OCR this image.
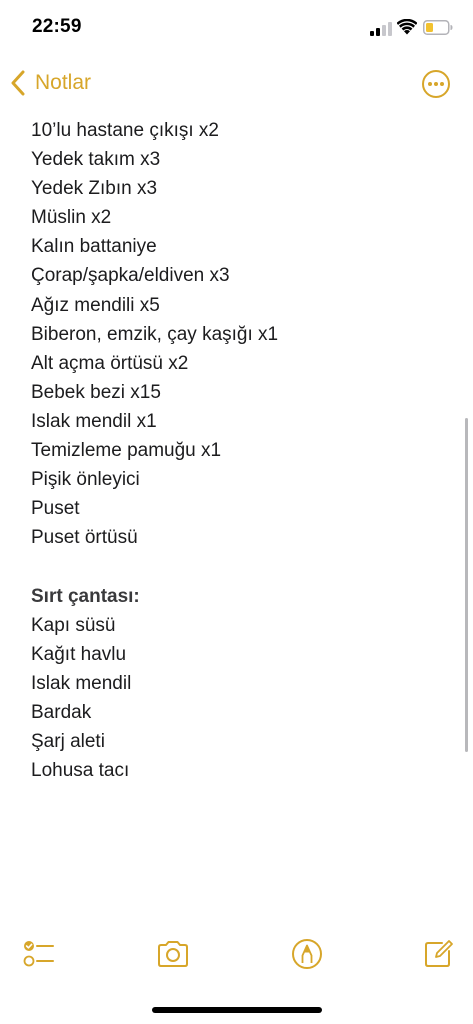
22:59
Notlar
10’lu hastane çıkışı x2
Yedek takım x3
Yedek Zıbın x3
Müslin x2
Kalın battaniye
Çorap/şapka/eldiven x3
Ağız mendili x5
Biberon, emzik, çay kaşığı x1
Alt açma örtüsü x2
Bebek bezi x15
Islak mendil x1
Temizleme pamuğu x1
Pişik önleyici
Puset
Puset örtüsü
Sırt çantası:
Kapı süsü
Kağıt havlu
Islak mendil
Bardak
Şarj aleti
Lohusa tacı
